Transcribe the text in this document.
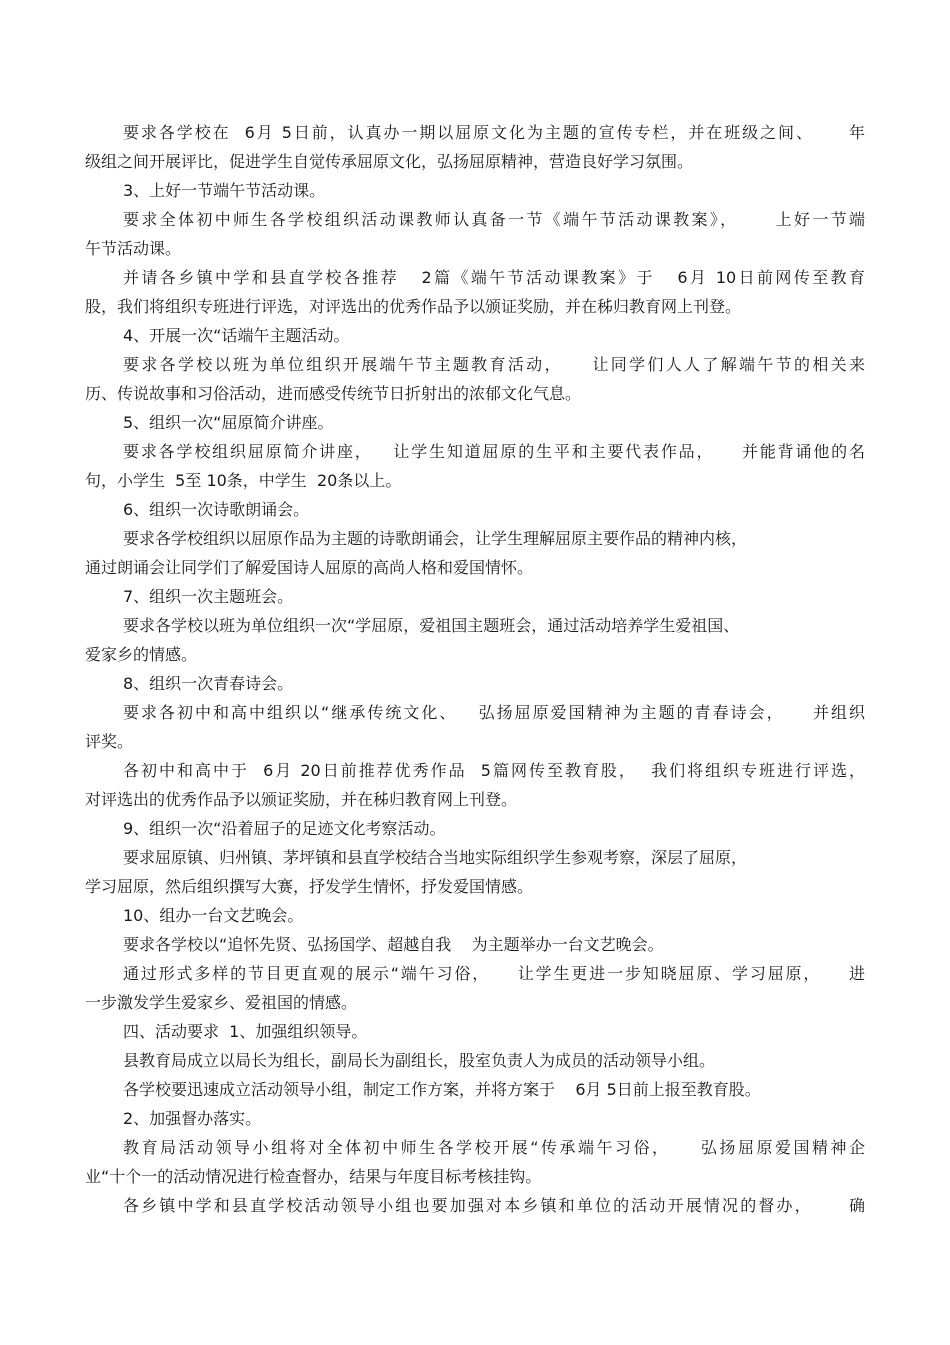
要求各学校在  6月 5日前，认真办一期以屈原文化为主题的宣传专栏，并在班级之间、     年
级组之间开展评比，促进学生自觉传承屈原文化，弘扬屈原精神，营造良好学习氛围。
3、上好一节端午节活动课。
要求全体初中师生各学校组织活动课教师认真备一节《端午节活动课教案》，     上好一节端
午节活动课。
并请各乡镇中学和县直学校各推荐   2篇《端午节活动课教案》于   6月 10日前网传至教育
股，我们将组织专班进行评选，对评选出的优秀作品予以颁证奖励，并在秭归教育网上刊登。
4、开展一次“话端午主题活动。
要求各学校以班为单位组织开展端午节主题教育活动，    让同学们人人了解端午节的相关来
历、传说故事和习俗活动，进而感受传统节日折射出的浓郁文化气息。
5、组织一次“屈原简介讲座。
要求各学校组织屈原简介讲座，   让学生知道屈原的生平和主要代表作品，    并能背诵他的名
句，小学生  5至 10条，中学生  20条以上。
6、组织一次诗歌朗诵会。
要求各学校组织以屈原作品为主题的诗歌朗诵会，让学生理解屈原主要作品的精神内核，
通过朗诵会让同学们了解爱国诗人屈原的高尚人格和爱国情怀。
7、组织一次主题班会。
要求各学校以班为单位组织一次“学屈原，爱祖国主题班会，通过活动培养学生爱祖国、
爱家乡的情感。
8、组织一次青春诗会。
要求各初中和高中组织以“继承传统文化、   弘扬屈原爱国精神为主题的青春诗会，    并组织
评奖。
各初中和高中于  6月 20日前推荐优秀作品  5篇网传至教育股，  我们将组织专班进行评选，
对评选出的优秀作品予以颁证奖励，并在秭归教育网上刊登。
9、组织一次“沿着屈子的足迹文化考察活动。
要求屈原镇、归州镇、茅坪镇和县直学校结合当地实际组织学生参观考察，深层了屈原，
学习屈原，然后组织撰写大赛，抒发学生情怀，抒发爱国情感。
10、组办一台文艺晚会。
要求各学校以“追怀先贤、弘扬国学、超越自我    为主题举办一台文艺晚会。
通过形式多样的节目更直观的展示“端午习俗，    让学生更进一步知晓屈原、学习屈原，    进
一步激发学生爱家乡、爱祖国的情感。
四、活动要求  1、加强组织领导。
县教育局成立以局长为组长，副局长为副组长，股室负责人为成员的活动领导小组。
各学校要迅速成立活动领导小组，制定工作方案，并将方案于    6月 5日前上报至教育股。
2、加强督办落实。
教育局活动领导小组将对全体初中师生各学校开展“传承端午习俗，    弘扬屈原爱国精神企
业“十个一的活动情况进行检查督办，结果与年度目标考核挂钩。
各乡镇中学和县直学校活动领导小组也要加强对本乡镇和单位的活动开展情况的督办，     确
